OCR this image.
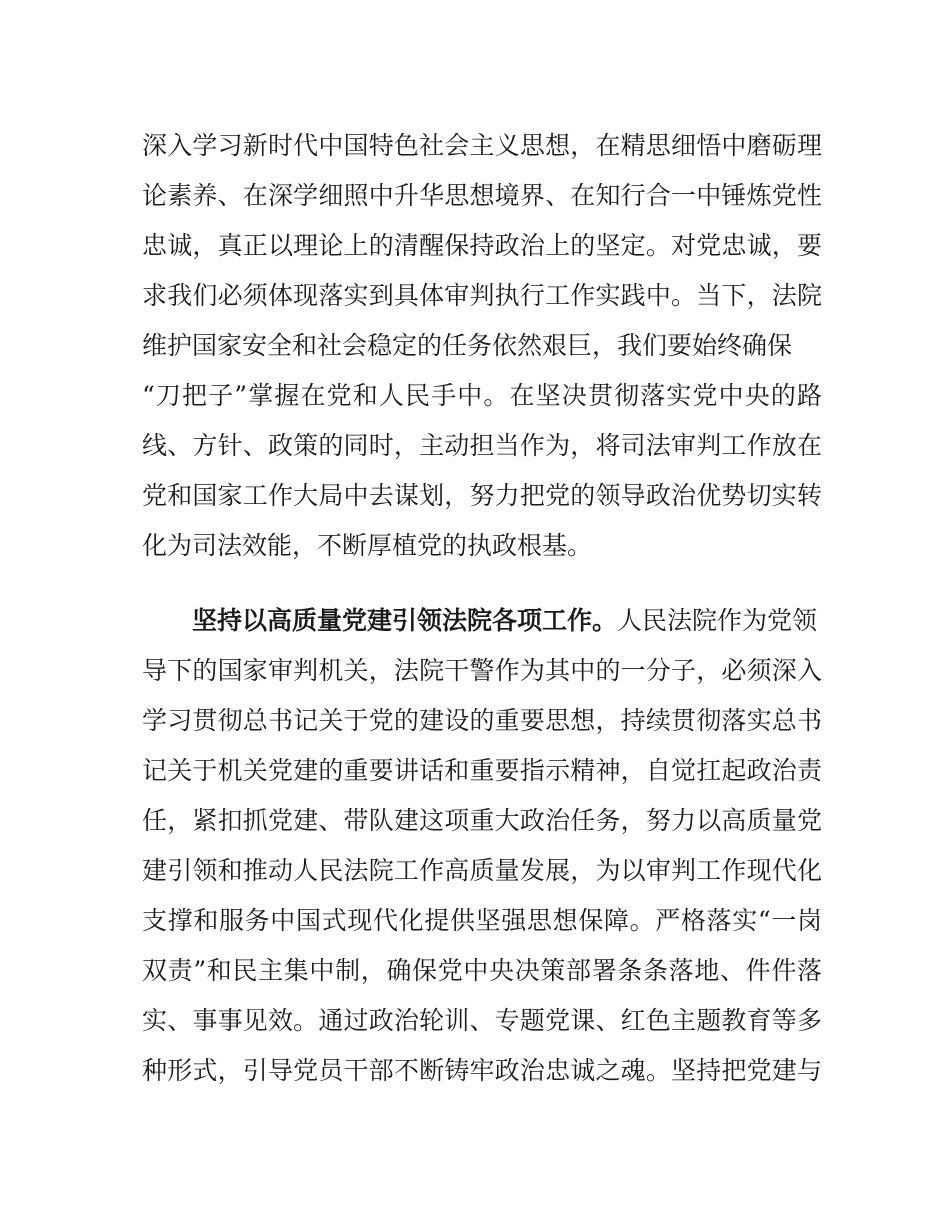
深入学习新时代中国特色社会主义思想，在精思细悟中磨砺理
论素养、在深学细照中升华思想境界、在知行合一中锤炼党性
忠诚，真正以理论上的清醒保持政治上的坚定。对党忠诚，要
求我们必须体现落实到具体审判执行工作实践中。当下，法院
维护国家安全和社会稳定的任务依然艰巨，我们要始终确保
“刀把子”掌握在党和人民手中。在坚决贯彻落实党中央的路
线、方针、政策的同时，主动担当作为，将司法审判工作放在
党和国家工作大局中去谋划，努力把党的领导政治优势切实转
化为司法效能，不断厚植党的执政根基。
坚持以高质量党建引领法院各项工作。人民法院作为党领
导下的国家审判机关，法院干警作为其中的一分子，必须深入
学习贯彻总书记关于党的建设的重要思想，持续贯彻落实总书
记关于机关党建的重要讲话和重要指示精神，自觉扛起政治责
任，紧扣抓党建、带队建这项重大政治任务，努力以高质量党
建引领和推动人民法院工作高质量发展，为以审判工作现代化
支撑和服务中国式现代化提供坚强思想保障。严格落实“一岗
双责”和民主集中制，确保党中央决策部署条条落地、件件落
实、事事见效。通过政治轮训、专题党课、红色主题教育等多
种形式，引导党员干部不断铸牢政治忠诚之魂。坚持把党建与
